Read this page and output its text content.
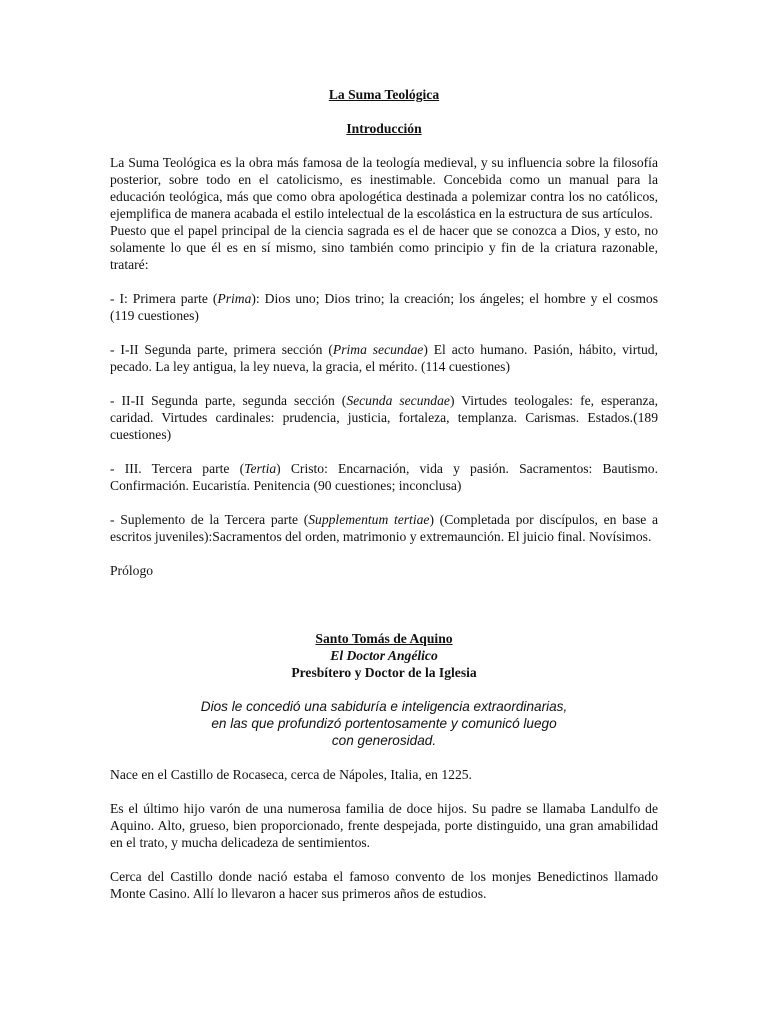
La Suma Teológica
Introducción

La Suma Teológica es la obra más famosa de la teología medieval, y su influencia sobre la filosofía posterior, sobre todo en el catolicismo, es inestimable. Concebida como un manual para la educación teológica, más que como obra apologética destinada a polemizar contra los no católicos, ejemplifica de manera acabada el estilo intelectual de la escolástica en la estructura de sus artículos.

Puesto que el papel principal de la ciencia sagrada es el de hacer que se conozca a Dios, y esto, no solamente lo que él es en sí mismo, sino también como principio y fin de la criatura razonable, trataré:

- I: Primera parte (Prima): Dios uno; Dios trino; la creación; los ángeles; el hombre y el cosmos (119 cuestiones)

- I-II Segunda parte, primera sección (Prima secundae) El acto humano. Pasión, hábito, virtud, pecado. La ley antigua, la ley nueva, la gracia, el mérito. (114 cuestiones)

- II-II Segunda parte, segunda sección (Secunda secundae) Virtudes teologales: fe, esperanza, caridad. Virtudes cardinales: prudencia, justicia, fortaleza, templanza. Carismas. Estados.(189 cuestiones)

- III. Tercera parte (Tertia) Cristo: Encarnación, vida y pasión. Sacramentos: Bautismo. Confirmación. Eucaristía. Penitencia (90 cuestiones; inconclusa)

- Suplemento de la Tercera parte (Supplementum tertiae) (Completada por discípulos, en base a escritos juveniles):Sacramentos del orden, matrimonio y extremaunción. El juicio final. Novísimos.

Prólogo

Santo Tomás de Aquino
El Doctor Angélico
Presbítero y Doctor de la Iglesia
Dios le concedió una sabiduría e inteligencia extraordinarias,
en las que profundizó portentosamente y comunicó luego
con generosidad.

Nace en el Castillo de Rocaseca, cerca de Nápoles, Italia, en 1225.

Es el último hijo varón de una numerosa familia de doce hijos. Su padre se llamaba Landulfo de Aquino. Alto, grueso, bien proporcionado, frente despejada, porte distinguido, una gran amabilidad en el trato, y mucha delicadeza de sentimientos.

Cerca del Castillo donde nació estaba el famoso convento de los monjes Benedictinos llamado Monte Casino. Allí lo llevaron a hacer sus primeros años de estudios.
